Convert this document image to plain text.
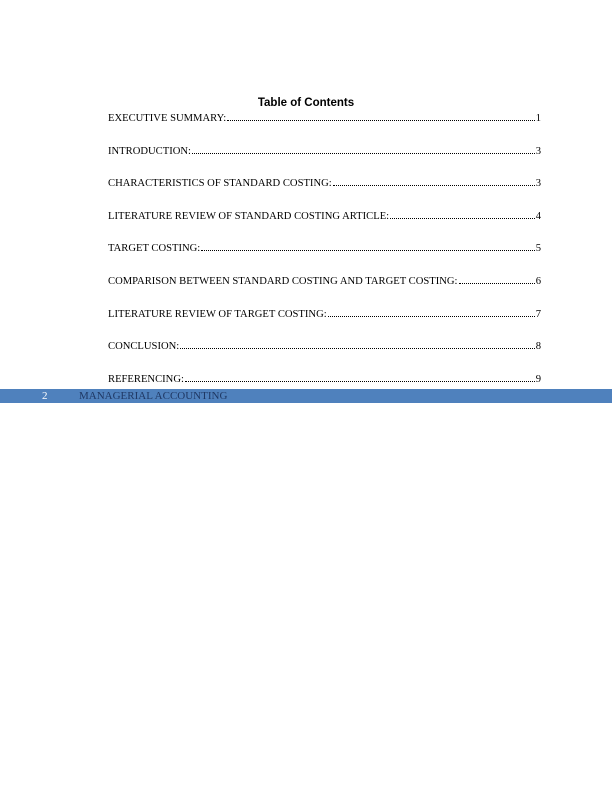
Table of Contents
EXECUTIVE SUMMARY:	1
INTRODUCTION:	3
CHARACTERISTICS OF STANDARD COSTING:	3
LITERATURE REVIEW OF STANDARD COSTING ARTICLE:	4
TARGET COSTING:	5
COMPARISON BETWEEN STANDARD COSTING AND TARGET COSTING:	6
LITERATURE REVIEW OF TARGET COSTING:	7
CONCLUSION:	8
REFERENCING:	9
2	MANAGERIAL ACCOUNTING
